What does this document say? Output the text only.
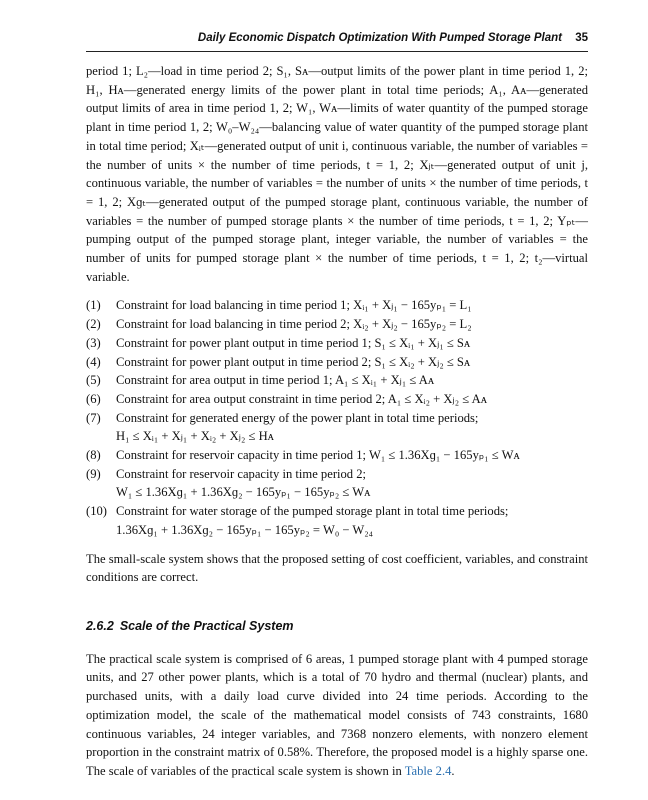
Daily Economic Dispatch Optimization With Pumped Storage Plant 35

period 1; L₂—load in time period 2; S₁, Sᴀ—output limits of the power plant in time period 1, 2; H₁, Hᴀ—generated energy limits of the power plant in total time periods; A₁, Aᴀ—generated output limits of area in time period 1, 2; W₁, Wᴀ—limits of water quantity of the pumped storage plant in time period 1, 2; W₀–W₂₄—balancing value of water quantity of the pumped storage plant in total time period; Xᵢₜ—generated output of unit i, continuous variable, the number of variables = the number of units × the number of time periods, t = 1, 2; Xⱼₜ—generated output of unit j, continuous variable, the number of variables = the number of units × the number of time periods, t = 1, 2; Xɡₜ—generated output of the pumped storage plant, continuous variable, the number of variables = the number of pumped storage plants × the number of time periods, t = 1, 2; Yₚₜ—pumping output of the pumped storage plant, integer variable, the number of variables = the number of units for pumped storage plant × the number of time periods, t = 1, 2; t₂—virtual variable.

(1) Constraint for load balancing in time period 1; Xᵢ₁ + Xⱼ₁ − 165yₚ₁ = L₁
(2) Constraint for load balancing in time period 2; Xᵢ₂ + Xⱼ₂ − 165yₚ₂ = L₂
(3) Constraint for power plant output in time period 1; S₁ ≤ Xᵢ₁ + Xⱼ₁ ≤ Sᴀ
(4) Constraint for power plant output in time period 2; S₁ ≤ Xᵢ₂ + Xⱼ₂ ≤ Sᴀ
(5) Constraint for area output in time period 1; A₁ ≤ Xᵢ₁ + Xⱼ₁ ≤ Aᴀ
(6) Constraint for area output constraint in time period 2; A₁ ≤ Xᵢ₂ + Xⱼ₂ ≤ Aᴀ
(7) Constraint for generated energy of the power plant in total time periods;
H₁ ≤ Xᵢ₁ + Xⱼ₁ + Xᵢ₂ + Xⱼ₂ ≤ Hᴀ
(8) Constraint for reservoir capacity in time period 1; W₁ ≤ 1.36Xɡ₁ − 165yₚ₁ ≤ Wᴀ
(9) Constraint for reservoir capacity in time period 2;
W₁ ≤ 1.36Xɡ₁ + 1.36Xɡ₂ − 165yₚ₁ − 165yₚ₂ ≤ Wᴀ
(10) Constraint for water storage of the pumped storage plant in total time periods;
1.36Xɡ₁ + 1.36Xɡ₂ − 165yₚ₁ − 165yₚ₂ = W₀ − W₂₄

The small-scale system shows that the proposed setting of cost coefficient, variables, and constraint conditions are correct.

2.6.2 Scale of the Practical System

The practical scale system is comprised of 6 areas, 1 pumped storage plant with 4 pumped storage units, and 27 other power plants, which is a total of 70 hydro and thermal (nuclear) plants, and purchased units, with a daily load curve divided into 24 time periods. According to the optimization model, the scale of the mathematical model consists of 743 constraints, 1680 continuous variables, 24 integer variables, and 7368 nonzero elements, with nonzero element proportion in the constraint matrix of 0.58%. Therefore, the proposed model is a highly sparse one. The scale of variables of the practical scale system is shown in Table 2.4.
